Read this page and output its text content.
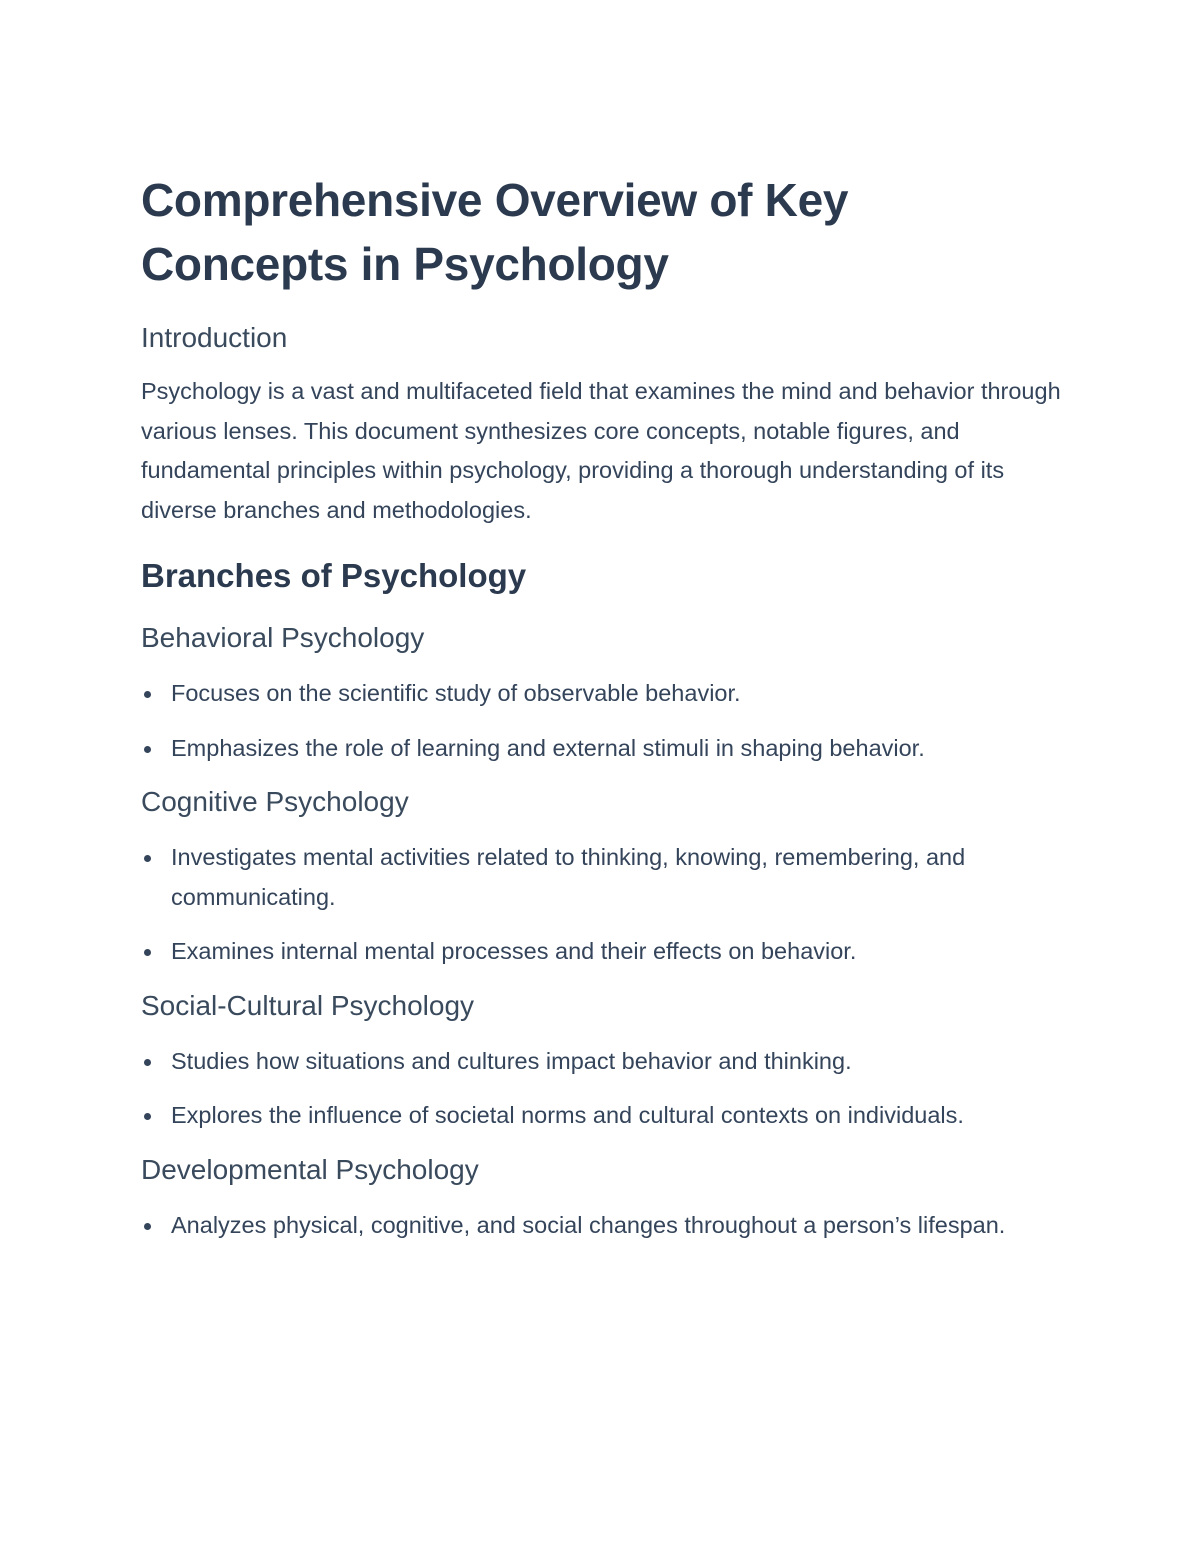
Comprehensive Overview of Key Concepts in Psychology
Introduction

Psychology is a vast and multifaceted field that examines the mind and behavior through various lenses. This document synthesizes core concepts, notable figures, and fundamental principles within psychology, providing a thorough understanding of its diverse branches and methodologies.

Branches of Psychology
Behavioral Psychology
Focuses on the scientific study of observable behavior.
Emphasizes the role of learning and external stimuli in shaping behavior.
Cognitive Psychology
Investigates mental activities related to thinking, knowing, remembering, and communicating.
Examines internal mental processes and their effects on behavior.
Social-Cultural Psychology
Studies how situations and cultures impact behavior and thinking.
Explores the influence of societal norms and cultural contexts on individuals.
Developmental Psychology
Analyzes physical, cognitive, and social changes throughout a person’s lifespan.
